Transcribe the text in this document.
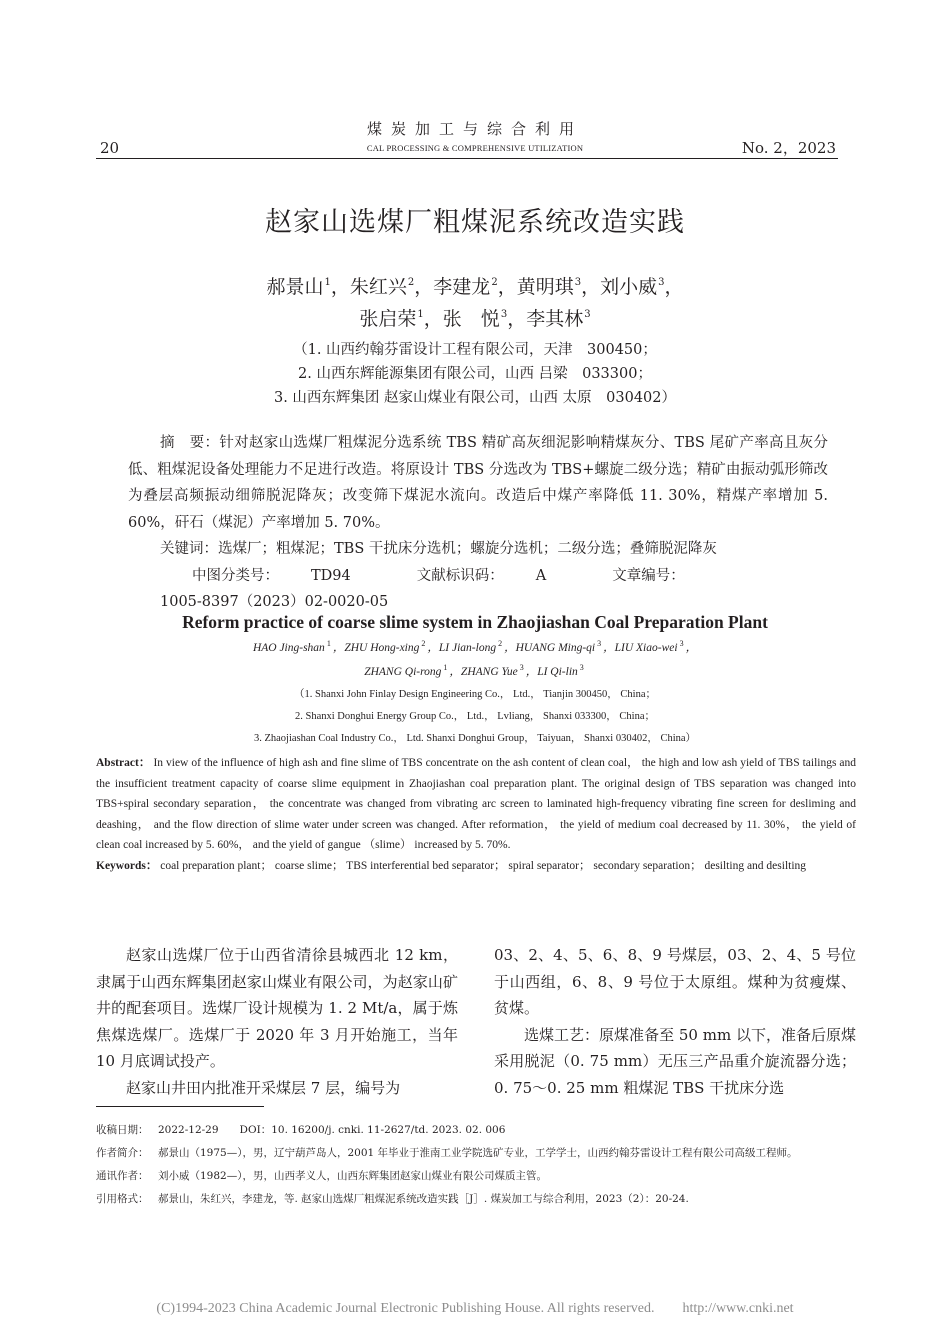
20
煤炭加工与综合利用
CAL PROCESSING & COMPREHENSIVE UTILIZATION	No. 2，2023
赵家山选煤厂粗煤泥系统改造实践
郝景山$^1$，朱红兴$^2$，李建龙$^2$，黄明琪$^3$，刘小威$^3$，
张启荣$^1$，张　悦$^3$，李其林$^3$
（1. 山西约翰芬雷设计工程有限公司，天津　300450；
2. 山西东辉能源集团有限公司，山西 吕梁　033300；
3. 山西东辉集团 赵家山煤业有限公司，山西 太原　030402）

摘　要：针对赵家山选煤厂粗煤泥分选系统 TBS 精矿高灰细泥影响精煤灰分、TBS 尾矿产率高且灰分低、粗煤泥设备处理能力不足进行改造。将原设计 TBS 分选改为 TBS+螺旋二级分选；精矿由振动弧形筛改为叠层高频振动细筛脱泥降灰；改变筛下煤泥水流向。改造后中煤产率降低 11. 30%，精煤产率增加 5. 60%，矸石（煤泥）产率增加 5. 70%。

关键词：选煤厂；粗煤泥；TBS 干扰床分选机；螺旋分选机；二级分选；叠筛脱泥降灰

中图分类号： TD94	文献标识码： A	文章编号：1005-8397（2023）02-0020-05

Reform practice of coarse slime system in Zhaojiashan Coal Preparation Plant
HAO Jing-shan $^1$ ，ZHU Hong-xing $^2$ ，LI Jian-long $^2$ ，HUANG Ming-qi $^3$ ，LIU Xiao-wei $^3$ ，
ZHANG Qi-rong $^1$ ，ZHANG Yue $^3$ ，LI Qi-lin $^3$
（1. Shanxi John Finlay Design Engineering Co.， Ltd.， Tianjin 300450， China；
2. Shanxi Donghui Energy Group Co.， Ltd.， Lvliang， Shanxi 033300， China；
3. Zhaojiashan Coal Industry Co.， Ltd. Shanxi Donghui Group， Taiyuan， Shanxi 030402， China）
Abstract： In view of the influence of high ash and fine slime of TBS concentrate on the ash content of clean coal， the high and low ash yield of TBS tailings and the insufficient treatment capacity of coarse slime equipment in Zhaojiashan coal preparation plant. The original design of TBS separation was changed into TBS+spiral secondary separation， the concentrate was changed from vibrating arc screen to laminated high-frequency vibrating fine screen for desliming and deashing， and the flow direction of slime water under screen was changed. After reformation， the yield of medium coal decreased by 11. 30%， the yield of clean coal increased by 5. 60%， and the yield of gangue （slime） increased by 5. 70%.
Keywords： coal preparation plant； coarse slime； TBS interferential bed separator； spiral separator； secondary separation； desilting and desilting

赵家山选煤厂位于山西省清徐县城西北 12 km，隶属于山西东辉集团赵家山煤业有限公司，为赵家山矿井的配套项目。选煤厂设计规模为 1. 2 Mt/a，属于炼焦煤选煤厂。选煤厂于 2020 年 3 月开始施工，当年 10 月底调试投产。

赵家山井田内批准开采煤层 7 层，编号为

03、2、4、5、6、8、9 号煤层，03、2、4、5 号位于山西组，6、8、9 号位于太原组。煤种为贫瘦煤、贫煤。

选煤工艺：原煤准备至 50 mm 以下，准备后原煤采用脱泥（0. 75 mm）无压三产品重介旋流器分选；0. 75～0. 25 mm 粗煤泥 TBS 干扰床分选

收稿日期： 2022-12-29　　DOI：10. 16200/j. cnki. 11-2627/td. 2023. 02. 006
作者简介： 郝景山（1975—），男，辽宁葫芦岛人，2001 年毕业于淮南工业学院选矿专业，工学学士，山西约翰芬雷设计工程有限公司高级工程师。
通讯作者： 刘小威（1982—），男，山西孝义人，山西东辉集团赵家山煤业有限公司煤质主管。
引用格式： 郝景山，朱红兴，李建龙，等. 赵家山选煤厂粗煤泥系统改造实践［J］. 煤炭加工与综合利用，2023（2）：20-24.
(C)1994-2023 China Academic Journal Electronic Publishing House. All rights reserved.　　http://www.cnki.net
